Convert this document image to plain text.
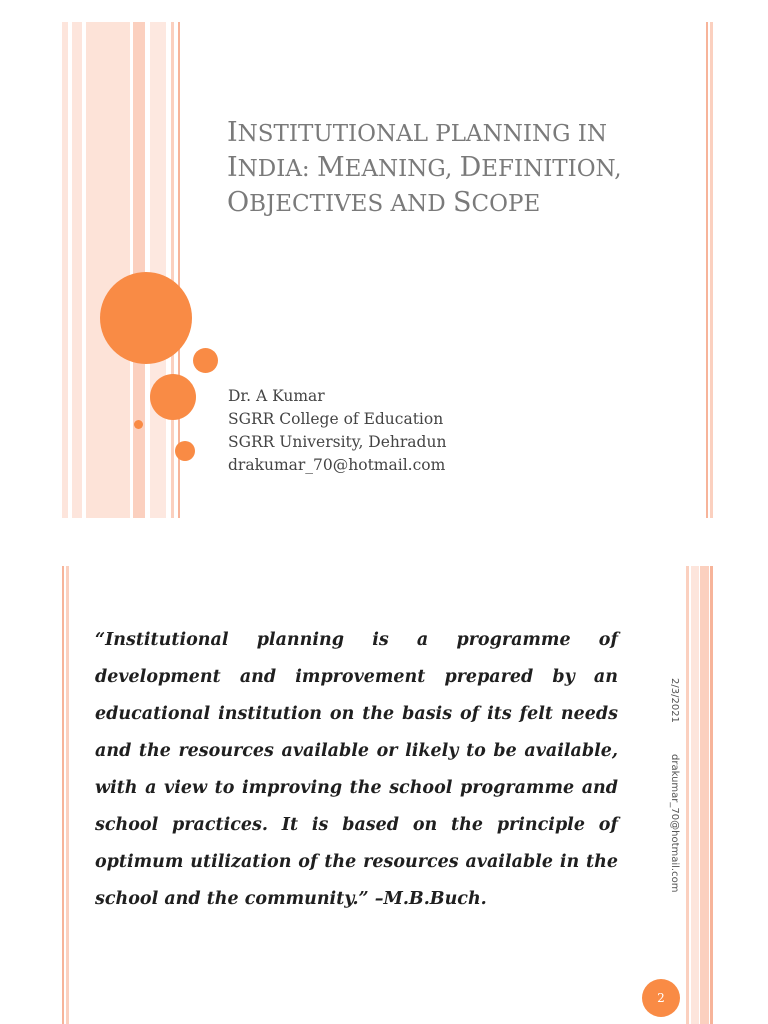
INSTITUTIONAL PLANNING IN
INDIA: MEANING, DEFINITION,
OBJECTIVES AND SCOPE
Dr. A Kumar
SGRR College of Education
SGRR University, Dehradun
drakumar_70@hotmail.com

“Institutional planning is a programme of development and improvement prepared by an educational institution on the basis of its felt needs and the resources available or likely to be available, with a view to improving the school programme and school practices. It is based on the principle of optimum utilization of the resources available in the school and the community.” –M.B.Buch.

2/3/2021
drakumar_70@hotmail.com
2
